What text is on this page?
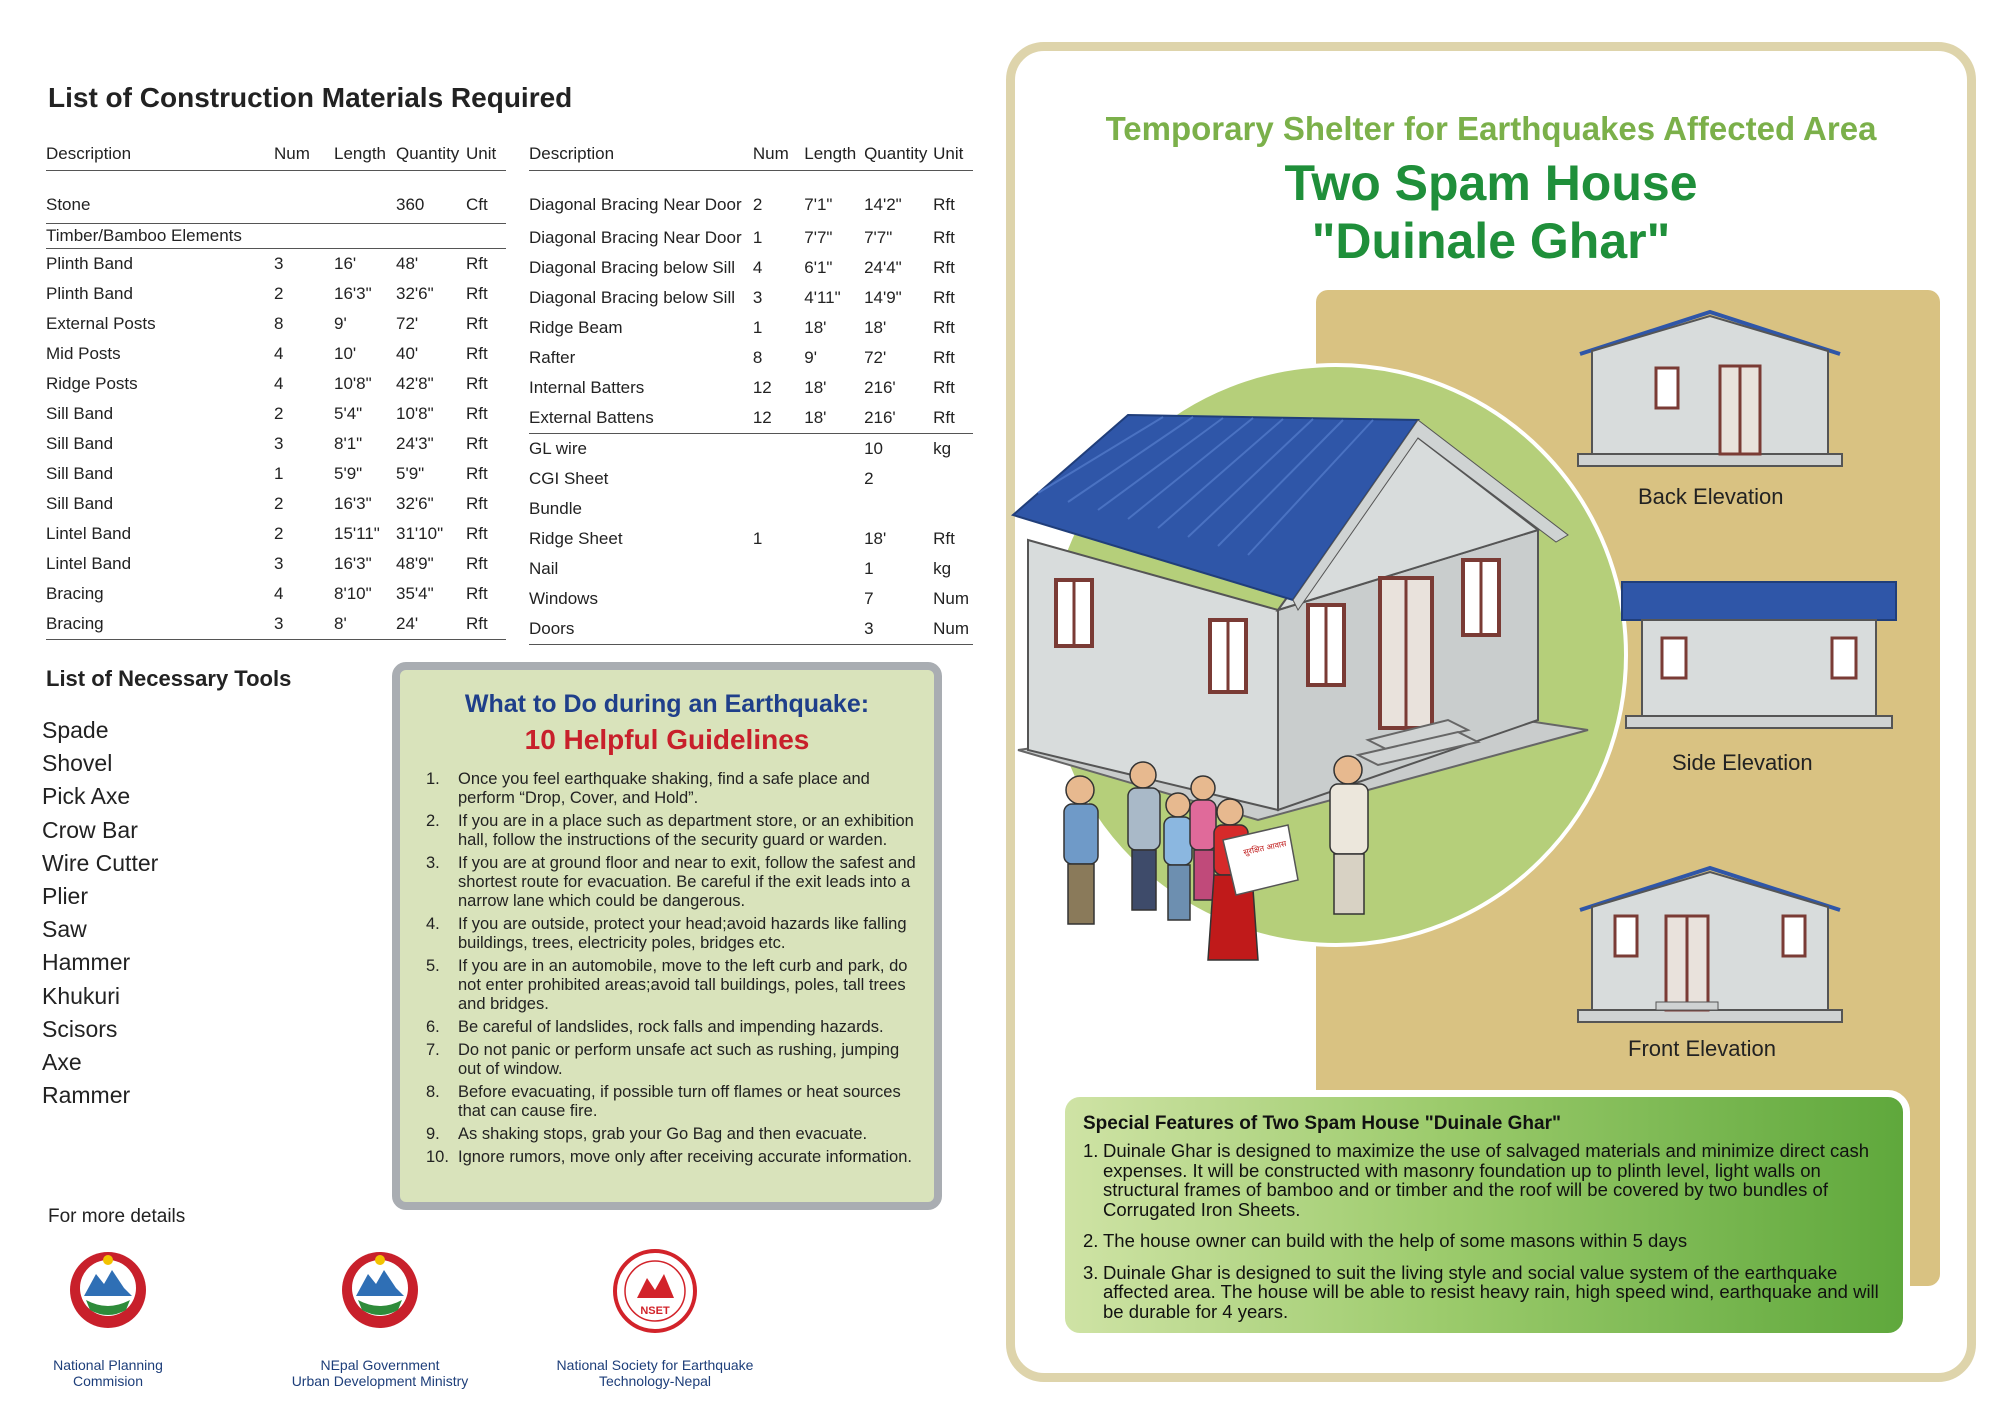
List of Construction Materials Required
Description	Num	Length	Quantity	Unit
Stone			360	Cft
Timber/Bamboo Elements				
Plinth Band	3	16'	48'	Rft
Plinth Band	2	16'3"	32'6"	Rft
External Posts	8	9'	72'	Rft
Mid Posts	4	10'	40'	Rft
Ridge Posts	4	10'8"	42'8"	Rft
Sill Band	2	5'4"	10'8"	Rft
Sill Band	3	8'1"	24'3"	Rft
Sill Band	1	5'9"	5'9"	Rft
Sill Band	2	16'3"	32'6"	Rft
Lintel Band	2	15'11"	31'10"	Rft
Lintel Band	3	16'3"	48'9"	Rft
Bracing	4	8'10"	35'4"	Rft
Bracing	3	8'	24'	Rft
Description	Num	Length	Quantity	Unit
Diagonal Bracing Near Door	2	7'1"	14'2"	Rft
Diagonal Bracing Near Door	1	7'7"	7'7"	Rft
Diagonal Bracing below Sill	4	6'1"	24'4"	Rft
Diagonal Bracing below Sill	3	4'11"	14'9"	Rft
Ridge Beam	1	18'	18'	Rft
Rafter	8	9'	72'	Rft
Internal Batters	12	18'	216'	Rft
External Battens	12	18'	216'	Rft
GL wire			10	kg
CGI Sheet			2	
Bundle				
Ridge Sheet	1		18'	Rft
Nail			1	kg
Windows			7	Num
Doors			3	Num
List of Necessary Tools
Spade
Shovel
Pick Axe
Crow Bar
Wire Cutter
Plier
Saw
Hammer
Khukuri
Scisors
Axe
Rammer
What to Do during an Earthquake:
10 Helpful Guidelines
1. Once you feel earthquake shaking, find a safe place and perform “Drop, Cover, and Hold”.
2. If you are in a place such as department store, or an exhibition hall, follow the instructions of the security guard or warden.
3. If you are at ground floor and near to exit, follow the safest and shortest route for evacuation. Be careful if the exit leads into a narrow lane which could be dangerous.
4. If you are outside, protect your head;avoid hazards like falling buildings, trees, electricity poles, bridges etc.
5. If you are in an automobile, move to the left curb and park, do not enter prohibited areas;avoid tall buildings, poles, tall trees and bridges.
6. Be careful of landslides, rock falls and impending hazards.
7. Do not panic or perform unsafe act such as rushing, jumping out of window.
8. Before evacuating, if possible turn off flames or heat sources that can cause fire.
9. As shaking stops, grab your Go Bag and then evacuate.
10. Ignore rumors, move only after receiving accurate information.
For more details
National Planning
Commision
NEpal Government
Urban Development Ministry
NSET
National Society for Earthquake
Technology-Nepal
Temporary Shelter for Earthquakes Affected Area
Two Spam House
"Duinale Ghar"
सुरक्षित आवास
Back Elevation
Side Elevation
Front Elevation
Special Features of Two Spam House "Duinale Ghar"
1. Duinale Ghar is designed to maximize the use of salvaged materials and minimize direct cash expenses. It will be constructed with masonry foundation up to plinth level, light walls on structural frames of bamboo and or timber and the roof will be covered by two bundles of Corrugated Iron Sheets.
2. The house owner can build with the help of some masons within 5 days
3. Duinale Ghar is designed to suit the living style and social value system of the earthquake affected area. The house will be able to resist heavy rain, high speed wind, earthquake and will be durable for 4 years.
